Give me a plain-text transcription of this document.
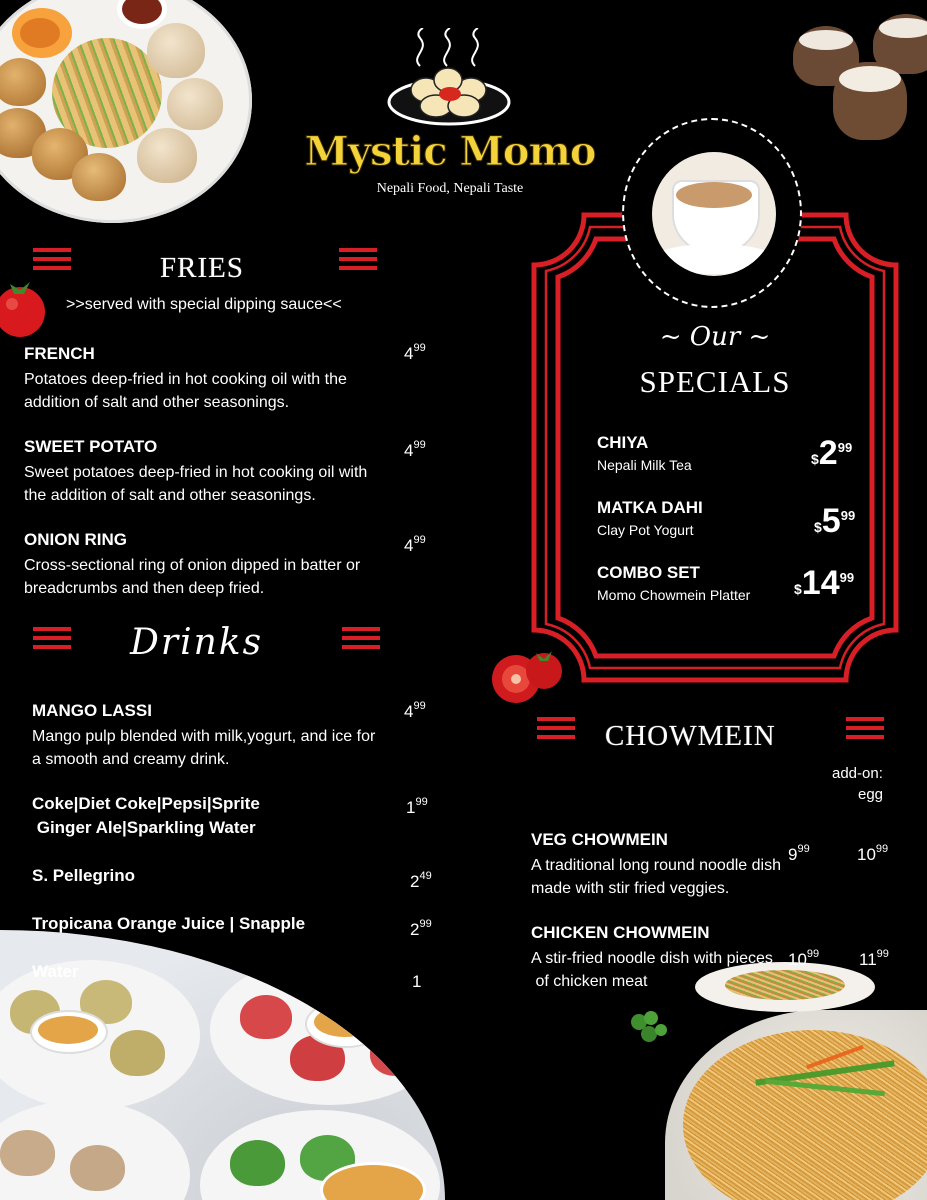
Mystic Momo
Nepali Food, Nepali Taste
FRIES
>>served with special dipping sauce<<
FRENCH
Potatoes deep-fried in hot cooking oil with the
addition of salt and other seasonings.
$4^{99}$
SWEET POTATO
Sweet potatoes deep-fried in hot cooking oil with
the addition of salt and other seasonings.
$4^{99}$
ONION RING
Cross-sectional ring of onion dipped in batter or
breadcrumbs and then deep fried.
$4^{99}$
Drinks
MANGO LASSI
Mango pulp blended with milk,yogurt, and ice for
a smooth and creamy drink.
$4^{99}$
Coke|Diet Coke|Pepsi|Sprite
Ginger Ale|Sparkling Water
$1^{99}$
S. Pellegrino	$2^{49}$
Tropicana Orange Juice | Snapple	$2^{99}$
Water
1
~ Our ~
SPECIALS
CHIYA
Nepali Milk Tea	$\$2^{99}$
MATKA DAHI
Clay Pot Yogurt	$\$5^{99}$
COMBO SET
Momo Chowmein Platter	$\$14^{99}$
CHOWMEIN
add-on:
egg
VEG CHOWMEIN
A traditional long round noodle dish
made with stir fried veggies.
$9^{99}$	$10^{99}$
CHICKEN CHOWMEIN
A stir-fried noodle dish with pieces
of chicken meat
$10^{99}$ $11^{99}$
